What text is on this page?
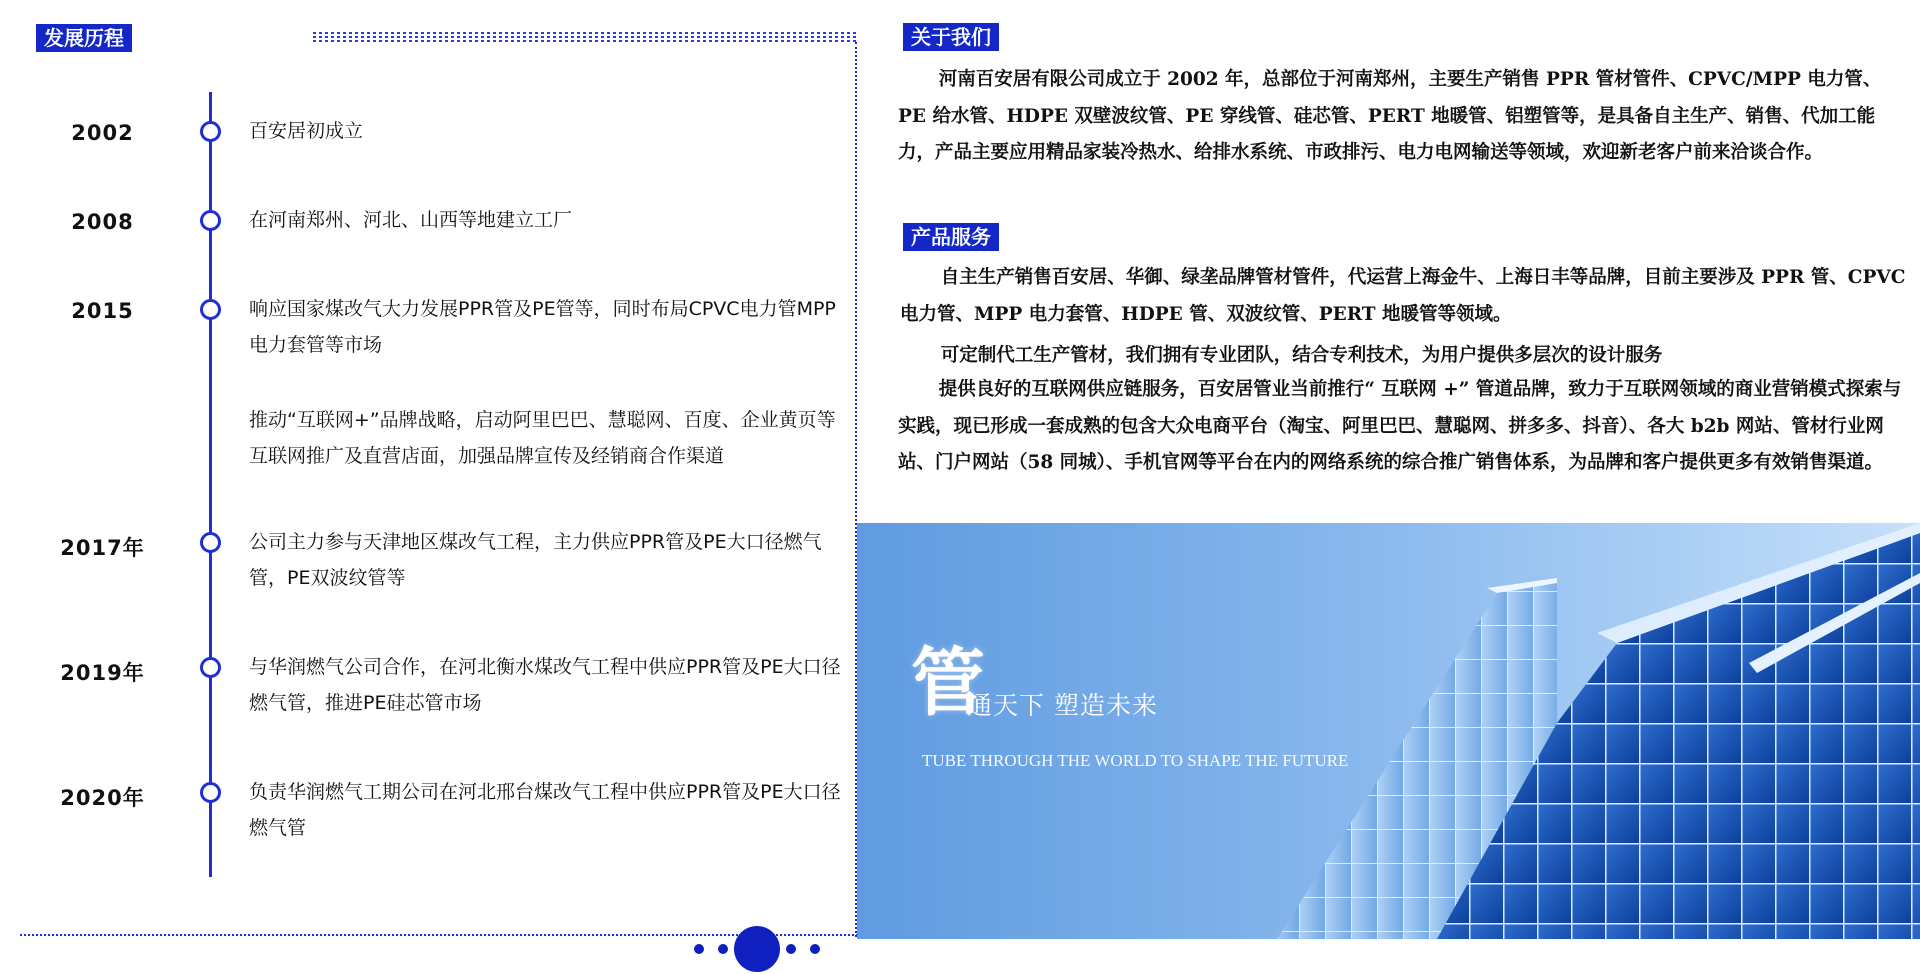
发展历程
2002	百安居初成立
2008	在河南郑州、河北、山西等地建立工厂
2015	响应国家煤改气大力发展PPR管及PE管等，同时布局CPVC电力管MPP电力套管等市场
推动“互联网+”品牌战略，启动阿里巴巴、慧聪网、百度、企业黄页等互联网推广及直营店面，加强品牌宣传及经销商合作渠道
2017年	公司主力参与天津地区煤改气工程，主力供应PPR管及PE大口径燃气管，PE双波纹管等
2019年	与华润燃气公司合作，在河北衡水煤改气工程中供应PPR管及PE大口径燃气管，推进PE硅芯管市场
2020年	负责华润燃气工期公司在河北邢台煤改气工程中供应PPR管及PE大口径燃气管
关于我们
河南百安居有限公司成立于 2002 年，总部位于河南郑州，主要生产销售 PPR 管材管件、CPVC/MPP 电力管、PE 给水管、HDPE 双壁波纹管、PE 穿线管、硅芯管、PERT 地暖管、铝塑管等，是具备自主生产、销售、代加工能力，产品主要应用精品家装冷热水、给排水系统、市政排污、电力电网输送等领域，欢迎新老客户前来洽谈合作。
产品服务
自主生产销售百安居、华御、绿垄品牌管材管件，代运营上海金牛、上海日丰等品牌，目前主要涉及 PPR 管、CPVC 电力管、MPP 电力套管、HDPE 管、双波纹管、PERT 地暖管等领域。
可定制代工生产管材，我们拥有专业团队，结合专利技术，为用户提供多层次的设计服务
提供良好的互联网供应链服务，百安居管业当前推行“ 互联网 +” 管道品牌，致力于互联网领域的商业营销模式探索与实践，现已形成一套成熟的包含大众电商平台（淘宝、阿里巴巴、慧聪网、拼多多、抖音）、各大 b2b 网站、管材行业网站、门户网站（58 同城）、手机官网等平台在内的网络系统的综合推广销售体系，为品牌和客户提供更多有效销售渠道。
管
通天下 塑造未来
TUBE THROUGH THE WORLD TO SHAPE THE FUTURE
